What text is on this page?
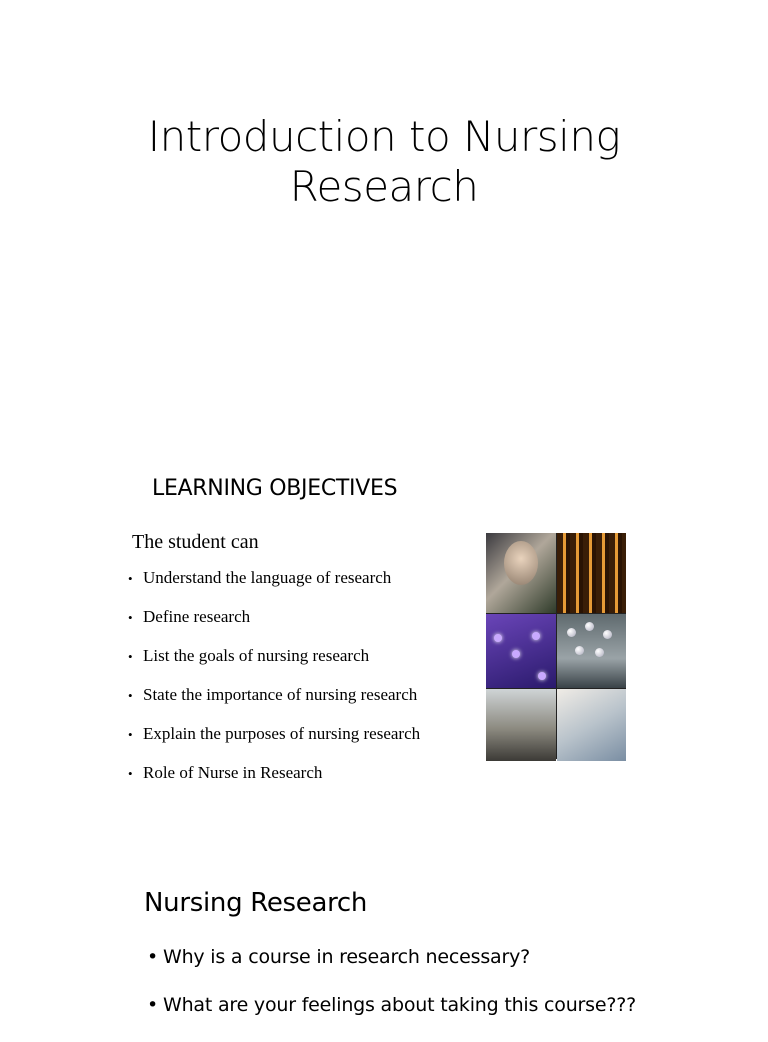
Introduction to Nursing
Research
LEARNING OBJECTIVES
The student can
• Understand the language of research
• Define research
• List the goals of nursing research
• State the importance of nursing research
• Explain the purposes of nursing research
• Role of Nurse in Research
Nursing Research
• Why is a course in research necessary?
• What are your feelings about taking this course???
